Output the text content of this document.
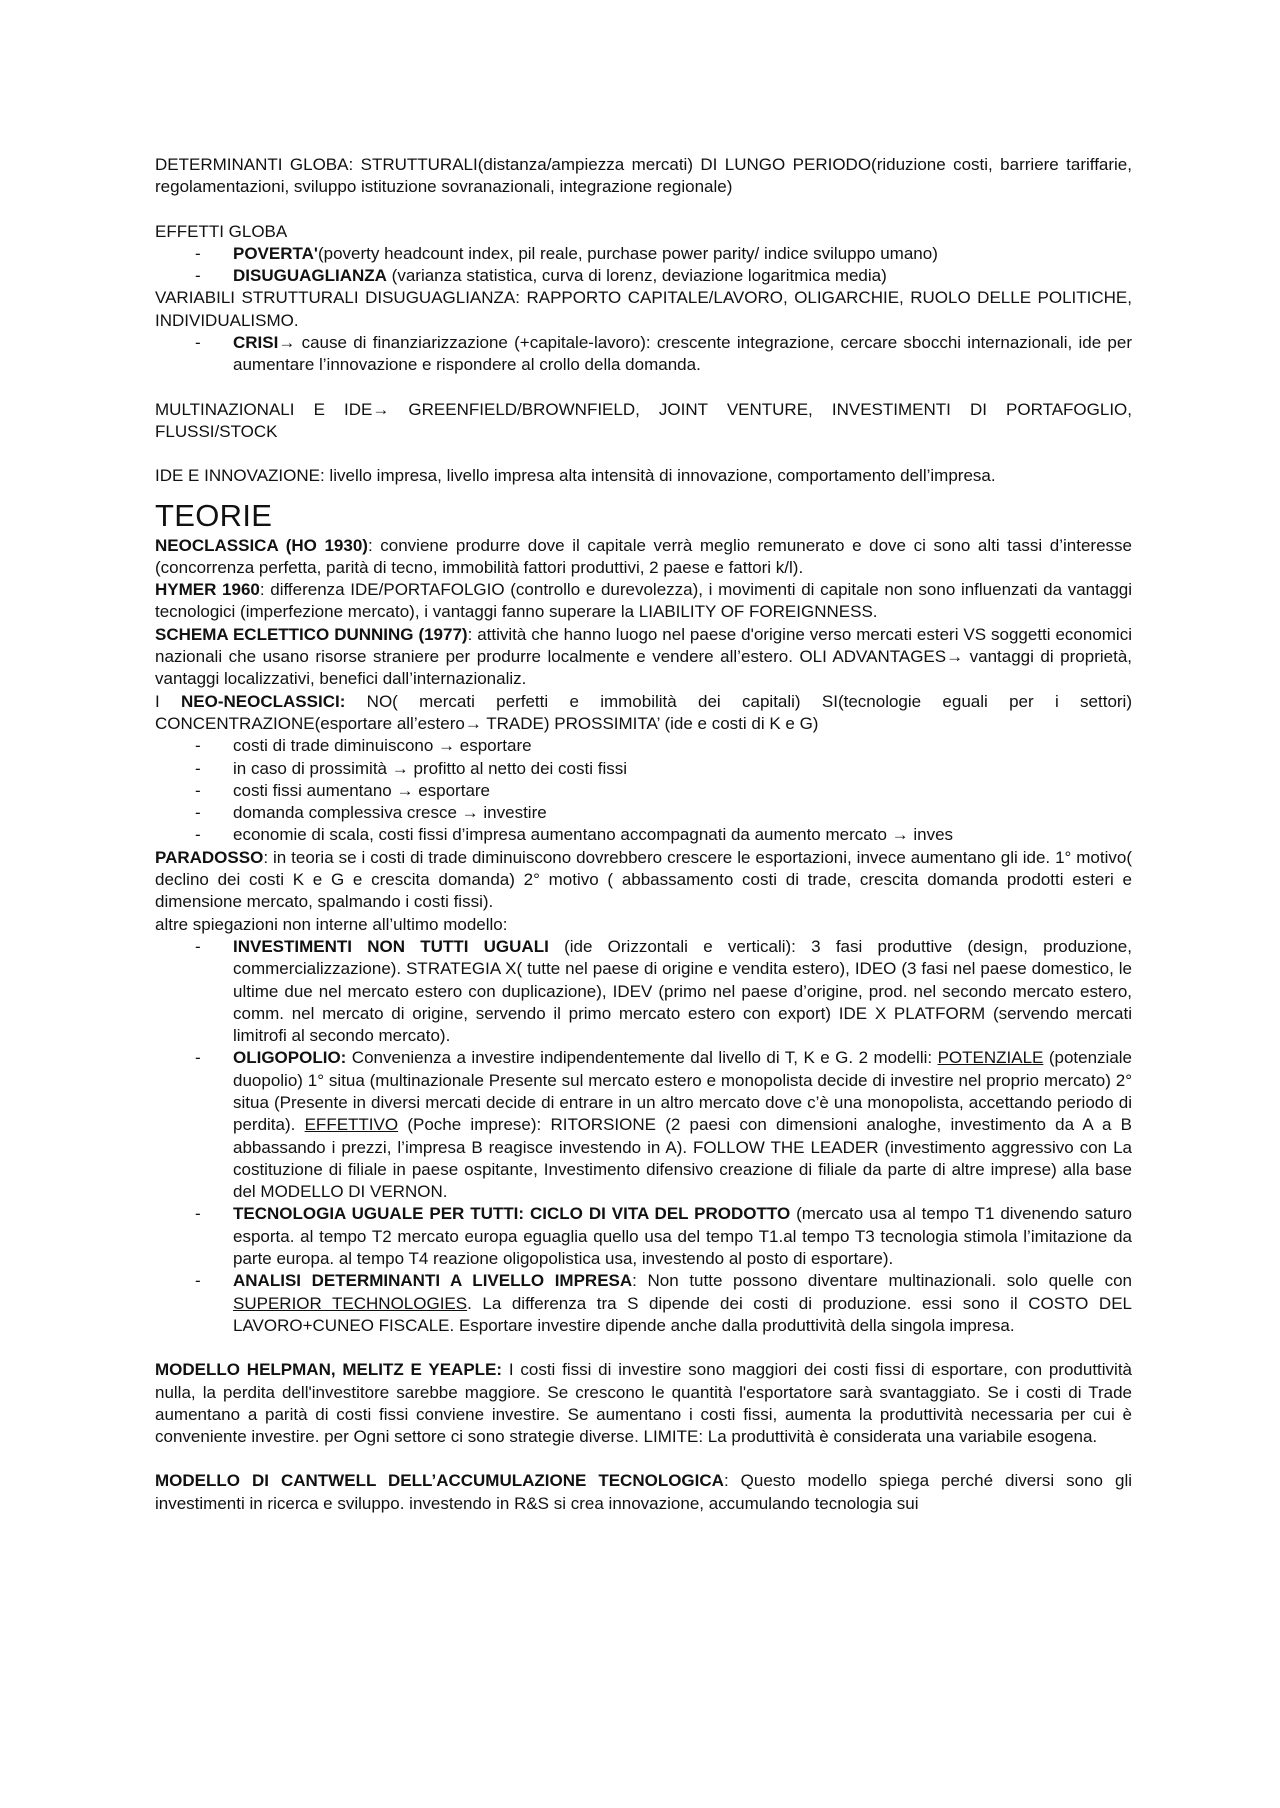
DETERMINANTI GLOBA: STRUTTURALI(distanza/ampiezza mercati) DI LUNGO PERIODO(riduzione costi, barriere tariffarie, regolamentazioni, sviluppo istituzione sovranazionali, integrazione regionale)

EFFETTI GLOBA

- POVERTA'(poverty headcount index, pil reale, purchase power parity/ indice sviluppo umano)
- DISUGUAGLIANZA (varianza statistica, curva di lorenz, deviazione logaritmica media)

VARIABILI STRUTTURALI DISUGUAGLIANZA: RAPPORTO CAPITALE/LAVORO, OLIGARCHIE, RUOLO DELLE POLITICHE, INDIVIDUALISMO.

- CRISI→ cause di finanziarizzazione (+capitale-lavoro): crescente integrazione, cercare sbocchi internazionali, ide per aumentare l’innovazione e rispondere al crollo della domanda.

MULTINAZIONALI E IDE→ GREENFIELD/BROWNFIELD, JOINT VENTURE, INVESTIMENTI DI PORTAFOGLIO, FLUSSI/STOCK

IDE E INNOVAZIONE: livello impresa, livello impresa alta intensità di innovazione, comportamento dell’impresa.

TEORIE

NEOCLASSICA (HO 1930): conviene produrre dove il capitale verrà meglio remunerato e dove ci sono alti tassi d’interesse (concorrenza perfetta, parità di tecno, immobilità fattori produttivi, 2 paese e fattori k/l).

HYMER 1960: differenza IDE/PORTAFOLGIO (controllo e durevolezza), i movimenti di capitale non sono influenzati da vantaggi tecnologici (imperfezione mercato), i vantaggi fanno superare la LIABILITY OF FOREIGNNESS.

SCHEMA ECLETTICO DUNNING (1977): attività che hanno luogo nel paese d'origine verso mercati esteri VS soggetti economici nazionali che usano risorse straniere per produrre localmente e vendere all’estero. OLI ADVANTAGES→ vantaggi di proprietà, vantaggi localizzativi, benefici dall’internazionaliz.

I NEO-NEOCLASSICI: NO( mercati perfetti e immobilità dei capitali) SI(tecnologie eguali per i settori) CONCENTRAZIONE(esportare all’estero→ TRADE) PROSSIMITA’ (ide e costi di K e G)

- costi di trade diminuiscono → esportare
- in caso di prossimità → profitto al netto dei costi fissi
- costi fissi aumentano → esportare
- domanda complessiva cresce → investire
- economie di scala, costi fissi d’impresa aumentano accompagnati da aumento mercato → inves

PARADOSSO: in teoria se i costi di trade diminuiscono dovrebbero crescere le esportazioni, invece aumentano gli ide. 1° motivo( declino dei costi K e G e crescita domanda) 2° motivo ( abbassamento costi di trade, crescita domanda prodotti esteri e dimensione mercato, spalmando i costi fissi).

altre spiegazioni non interne all’ultimo modello:

- INVESTIMENTI NON TUTTI UGUALI (ide Orizzontali e verticali): 3 fasi produttive (design, produzione, commercializzazione). STRATEGIA X( tutte nel paese di origine e vendita estero), IDEO (3 fasi nel paese domestico, le ultime due nel mercato estero con duplicazione), IDEV (primo nel paese d’origine, prod. nel secondo mercato estero, comm. nel mercato di origine, servendo il primo mercato estero con export) IDE X PLATFORM (servendo mercati limitrofi al secondo mercato).
- OLIGOPOLIO: Convenienza a investire indipendentemente dal livello di T, K e G. 2 modelli: POTENZIALE (potenziale duopolio) 1° situa (multinazionale Presente sul mercato estero e monopolista decide di investire nel proprio mercato) 2° situa (Presente in diversi mercati decide di entrare in un altro mercato dove c’è una monopolista, accettando periodo di perdita). EFFETTIVO (Poche imprese): RITORSIONE (2 paesi con dimensioni analoghe, investimento da A a B abbassando i prezzi, l’impresa B reagisce investendo in A). FOLLOW THE LEADER (investimento aggressivo con La costituzione di filiale in paese ospitante, Investimento difensivo creazione di filiale da parte di altre imprese) alla base del MODELLO DI VERNON.
- TECNOLOGIA UGUALE PER TUTTI: CICLO DI VITA DEL PRODOTTO (mercato usa al tempo T1 divenendo saturo esporta. al tempo T2 mercato europa eguaglia quello usa del tempo T1.al tempo T3 tecnologia stimola l’imitazione da parte europa. al tempo T4 reazione oligopolistica usa, investendo al posto di esportare).
- ANALISI DETERMINANTI A LIVELLO IMPRESA: Non tutte possono diventare multinazionali. solo quelle con SUPERIOR TECHNOLOGIES. La differenza tra S dipende dei costi di produzione. essi sono il COSTO DEL LAVORO+CUNEO FISCALE. Esportare investire dipende anche dalla produttività della singola impresa.

MODELLO HELPMAN, MELITZ E YEAPLE: I costi fissi di investire sono maggiori dei costi fissi di esportare, con produttività nulla, la perdita dell'investitore sarebbe maggiore. Se crescono le quantità l'esportatore sarà svantaggiato. Se i costi di Trade aumentano a parità di costi fissi conviene investire. Se aumentano i costi fissi, aumenta la produttività necessaria per cui è conveniente investire. per Ogni settore ci sono strategie diverse. LIMITE: La produttività è considerata una variabile esogena.

MODELLO DI CANTWELL DELL’ACCUMULAZIONE TECNOLOGICA: Questo modello spiega perché diversi sono gli investimenti in ricerca e sviluppo. investendo in R&S si crea innovazione, accumulando tecnologia sui
